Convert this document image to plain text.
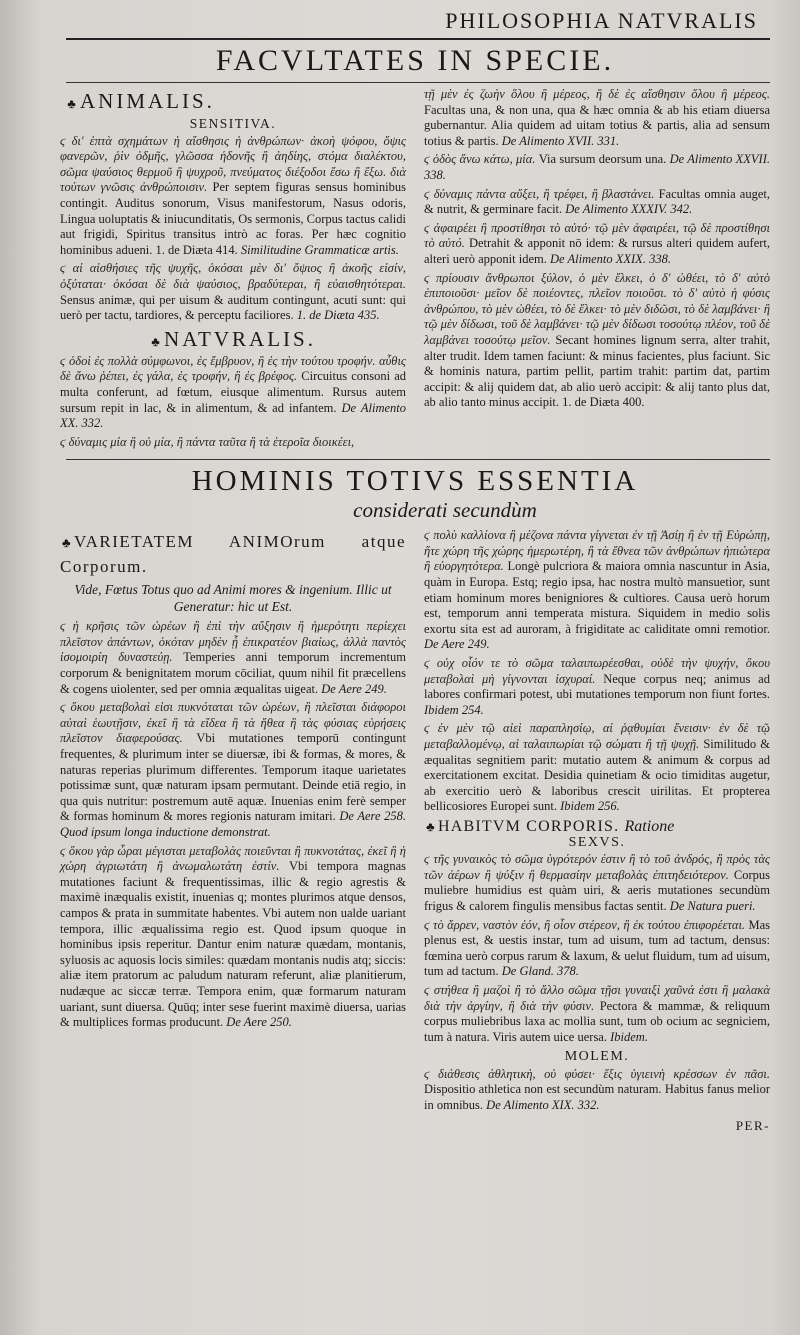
PHILOSOPHIA NATVRALIS
FACVLTATES IN SPECIE.
♣ANIMALIS.
SENSITIVA.

ϛ δι' ἑπτὰ σχημάτων ἡ αἴσθησις ἡ ἀνθρώπων· ἀκοὴ ψόφου, ὄψις φανερῶν, ῥὶν ὀδμῆς, γλῶσσα ἡδονῆς ἢ ἀηδίης, στόμα διαλέκτου, σῶμα ψαύσιος θερμοῦ ἢ ψυχροῦ, πνεύματος διέξοδοι ἔσω ἢ ἔξω. διὰ τούτων γνῶσις ἀνθρώποισιν. Per septem figuras sensus hominibus contingit. Auditus sonorum, Visus manifestorum, Nasus odoris, Lingua uoluptatis & iniucunditatis, Os sermonis, Corpus tactus calidi aut frigidi, Spiritus transitus intrò ac foras. Per hæc cognitio hominibus adueni. 1. de Diæta 414. Similitudine Grammaticæ artis.

ϛ αἱ αἰσθήσιες τῆς ψυχῆς, ὁκόσαι μὲν δι' ὄψιος ἢ ἀκοῆς εἰσίν, ὀξύταται· ὁκόσαι δὲ διὰ ψαύσιος, βραδύτεραι, ἢ εὐαισθητότεραι. Sensus animæ, qui per uisum & auditum contingunt, acuti sunt: qui uerò per tactu, tardiores, & perceptu faciliores. 1. de Diæta 435.

♣NATVRALIS.

ϛ ὁδοὶ ἐς πολλὰ σύμφωνοι, ἐς ἔμβρυον, ἢ ἐς τὴν τούτου τροφήν. αὗθις δὲ ἄνω ῥέπει, ἐς γάλα, ἐς τροφήν, ἢ ἐς βρέφος. Circuitus consoni ad multa conferunt, ad fœtum, eiusque alimentum. Rursus autem sursum repit in lac, & in alimentum, & ad infantem. De Alimento XX. 332.

ϛ δύναμις μία ἢ οὐ μία, ἢ πάντα ταῦτα ἢ τὰ ἑτεροῖα διοικέει,

τῇ μὲν ἐς ζωὴν ὅλου ἢ μέρεος, ἢ δὲ ἐς αἴσθησιν ὅλου ἢ μέρεος. Facultas una, & non una, qua & hæc omnia & ab his etiam diuersa gubernantur. Alia quidem ad uitam totius & partis, alia ad sensum totius & partis. De Alimento XVII. 331.

ϛ ὁδὸς ἄνω κάτω, μία. Via sursum deorsum una. De Alimento XXVII. 338.

ϛ δύναμις πάντα αὔξει, ἢ τρέφει, ἢ βλαστάνει. Facultas omnia auget, & nutrit, & germinare facit. De Alimento XXXIV. 342.

ϛ ἀφαιρέει ἢ προστίθησι τὸ αὐτό· τῷ μὲν ἀφαιρέει, τῷ δὲ προστίθησι τὸ αὐτό. Detrahit & apponit nō idem: & rursus alteri quidem aufert, alteri uerò apponit idem. De Alimento XXIX. 338.

ϛ πρίουσιν ἄνθρωποι ξύλον, ὁ μὲν ἕλκει, ὁ δ' ὠθέει, τὸ δ' αὐτὸ ἐπιποιοῦσι· μεῖον δὲ ποιέοντες, πλεῖον ποιοῦσι. τὸ δ' αὐτὸ ἡ φύσις ἀνθρώπου, τὸ μὲν ὠθέει, τὸ δὲ ἕλκει· τὸ μὲν διδῶσι, τὸ δὲ λαμβάνει· ἢ τῷ μὲν δίδωσι, τοῦ δὲ λαμβάνει· τῷ μὲν δίδωσι τοσούτῳ πλέον, τοῦ δὲ λαμβάνει τοσούτῳ μεῖον. Secant homines lignum serra, alter trahit, alter trudit. Idem tamen faciunt: & minus facientes, plus faciunt. Sic & hominis natura, partim pellit, partim trahit: partim dat, partim accipit: & alij quidem dat, ab alio uerò accipit: & alij tanto plus dat, ab alio tanto minus accipit. 1. de Diæta 400.

HOMINIS TOTIVS ESSENTIA
considerati secundùm
♣ VARIETATEM ANIMOrum atque Corporum.
Vide, Fœtus Totus quo ad Animi mores & ingenium. Illic ut Generatur: hic ut Est.

ϛ ἡ κρῆσις τῶν ὡρέων ἢ ἐπὶ τὴν αὔξησιν ἢ ἡμερότητι περίεχει πλεῖστον ἁπάντων, ὁκόταν μηδὲν ᾖ ἐπικρατέον βιαίως, ἀλλὰ παντὸς ἰσομοιρίη δυναστεύῃ. Temperies anni temporum incrementum corporum & benignitatem morum cōciliat, quum nihil fit præcellens & cogens uiolenter, sed per omnia æqualitas uigeat. De Aere 249.

ϛ ὅκου μεταβολαὶ εἰσι πυκνόταται τῶν ὡρέων, ἢ πλεῖσται διάφοροι αὐταὶ ἑωυτῇσιν, ἐκεῖ ἢ τὰ εἴδεα ἢ τὰ ἤθεα ἢ τὰς φύσιας εὑρήσεις πλεῖστον διαφερούσας. Vbi mutationes temporū contingunt frequentes, & plurimum inter se diuersæ, ibi & formas, & mores, & naturas reperias plurimum differentes. Temporum itaque uarietates potissimæ sunt, quæ naturam ipsam permutant. Deinde etiā regio, in qua quis nutritur: postremum autē aquæ. Inuenias enim ferè semper & formas hominum & mores regionis naturam imitari. De Aere 258. Quod ipsum longa inductione demonstrat.

ϛ ὅκου γὰρ ὧραι μέγισται μεταβολὰς ποιεῦνται ἢ πυκνοτάτας, ἐκεῖ ἢ ἡ χώρη ἀγριωτάτη ἢ ἀνωμαλωτάτη ἐστίν. Vbi tempora magnas mutationes faciunt & frequentissimas, illic & regio agrestis & maximè inæqualis existit, inuenias q; montes plurimos atque densos, campos & prata in summitate habentes. Vbi autem non ualde uariant tempora, illic æqualissima regio est. Quod ipsum quoque in hominibus ipsis reperitur. Dantur enim naturæ quædam, montanis, syluosis ac aquosis locis similes: quædam montanis nudis atq; siccis: aliæ item pratorum ac paludum naturam referunt, aliæ planitierum, nudæque ac siccæ terræ. Tempora enim, quæ formarum naturam uariant, sunt diuersa. Quūq; inter sese fuerint maximè diuersa, uarias & multiplices formas producunt. De Aere 250.

ϛ πολὺ καλλίονα ἢ μέζονα πάντα γίγνεται ἐν τῇ Ἀσίῃ ἢ ἐν τῇ Εὐρώπῃ, ἥτε χώρη τῆς χώρης ἡμερωτέρη, ἢ τὰ ἔθνεα τῶν ἀνθρώπων ἠπιώτερα ἢ εὐοργητότερα. Longè pulcriora & maiora omnia nascuntur in Asia, quàm in Europa. Estq; regio ipsa, hac nostra multò mansuetior, sunt etiam hominum mores benigniores & cultiores. Causa uerò horum est, temporum anni temperata mistura. Siquidem in medio solis exortu sita est ad auroram, à frigiditate ac caliditate omni remotior. De Aere 249.

ϛ οὐχ οἷόν τε τὸ σῶμα ταλαιπωρέεσθαι, οὐδὲ τὴν ψυχήν, ὅκου μεταβολαὶ μὴ γίγνονται ἰσχυραί. Neque corpus neq; animus ad labores confirmari potest, ubi mutationes temporum non fiunt fortes. Ibidem 254.

ϛ ἐν μὲν τῷ αἰεὶ παραπλησίῳ, αἱ ῥᾳθυμίαι ἔνεισιν· ἐν δὲ τῷ μεταβαλλομένῳ, αἱ ταλαιπωρίαι τῷ σώματι ἢ τῇ ψυχῇ. Similitudo & æqualitas segnitiem parit: mutatio autem & animum & corpus ad exercitationem excitat. Desidia quinetiam & ocio timiditas augetur, ab exercitio uerò & laboribus crescit uirilitas. Et propterea bellicosiores Europei sunt. Ibidem 256.

♣ HABITVM CORPORIS. Ratione
SEXVS.

ϛ τῆς γυναικὸς τὸ σῶμα ὑγρότερόν ἐστιν ἢ τὸ τοῦ ἀνδρός, ἢ πρὸς τὰς τῶν ἀέρων ἢ ψύξιν ἢ θερμασίην μεταβολὰς ἐπιτηδειότερον. Corpus muliebre humidius est quàm uiri, & aeris mutationes secundùm frigus & calorem fingulis mensibus factas sentit. De Natura pueri.

ϛ τὸ ἄρρεν, ναστὸν ἐόν, ἢ οἷον στέρεον, ἢ ἐκ τούτου ἐπιφορέεται. Mas plenus est, & uestis instar, tum ad uisum, tum ad tactum, densus: fœmina uerò corpus rarum & laxum, & uelut fluidum, tum ad uisum, tum ad tactum. De Gland. 378.

ϛ στήθεα ἢ μαζοὶ ἢ τὸ ἄλλο σῶμα τῇσι γυναιξὶ χαῦνά ἐστι ἢ μαλακὰ διὰ τὴν ἀργίην, ἢ διὰ τὴν φύσιν. Pectora & mammæ, & reliquum corpus muliebribus laxa ac mollia sunt, tum ob ocium ac segniciem, tum à natura. Viris autem uice uersa. Ibidem.

MOLEM.

ϛ διάθεσις ἀθλητικὴ, οὐ φύσει· ἕξις ὑγιεινὴ κρέσσων ἐν πᾶσι. Dispositio athletica non est secundùm naturam. Habitus fanus melior in omnibus. De Alimento XIX. 332.

PER-
